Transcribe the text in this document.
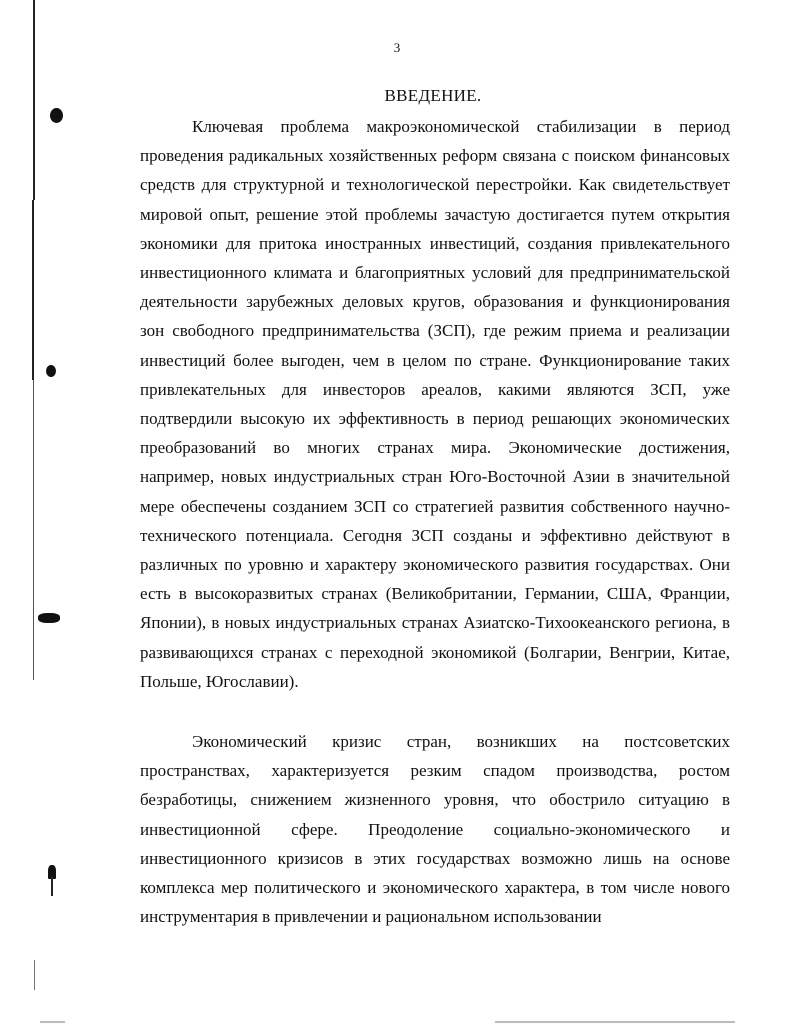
3
ВВЕДЕНИЕ.

Ключевая проблема макроэкономической стабилизации в период проведения радикальных хозяйственных реформ связана с поиском финансовых средств для структурной и технологической перестройки. Как свидетельствует мировой опыт, решение этой проблемы зачастую достигается путем открытия экономики для притока иностранных инвестиций, создания привлекательного инвестиционного климата и благоприятных условий для предпринимательской деятельности зарубежных деловых кругов, образования и функционирования зон свободного предпринимательства (ЗСП), где режим приема и реализации инвестиций более выгоден, чем в целом по стране. Функционирование таких привлекательных для инвесторов ареалов, какими являются ЗСП, уже подтвердили высокую их эффективность в период решающих экономических преобразований во многих странах мира. Экономические достижения, например, новых индустриальных стран Юго-Восточной Азии в значительной мере обеспечены созданием ЗСП со стратегией развития собственного научно-технического потенциала. Сегодня ЗСП созданы и эффективно действуют в различных по уровню и характеру экономического развития государствах. Они есть в высокоразвитых странах (Великобритании, Германии, США, Франции, Японии), в новых индустриальных странах Азиатско-Тихоокеанского региона, в развивающихся странах с переходной экономикой (Болгарии, Венгрии, Китае, Польше, Югославии).

Экономический кризис стран, возникших на постсоветских пространствах, характеризуется резким спадом производства, ростом безработицы, снижением жизненного уровня, что обострило ситуацию в инвестиционной сфере. Преодоление социально-экономического и инвестиционного кризисов в этих государствах возможно лишь на основе комплекса мер политического и экономического характера, в том числе нового инструментария в привлечении и рациональном использовании
